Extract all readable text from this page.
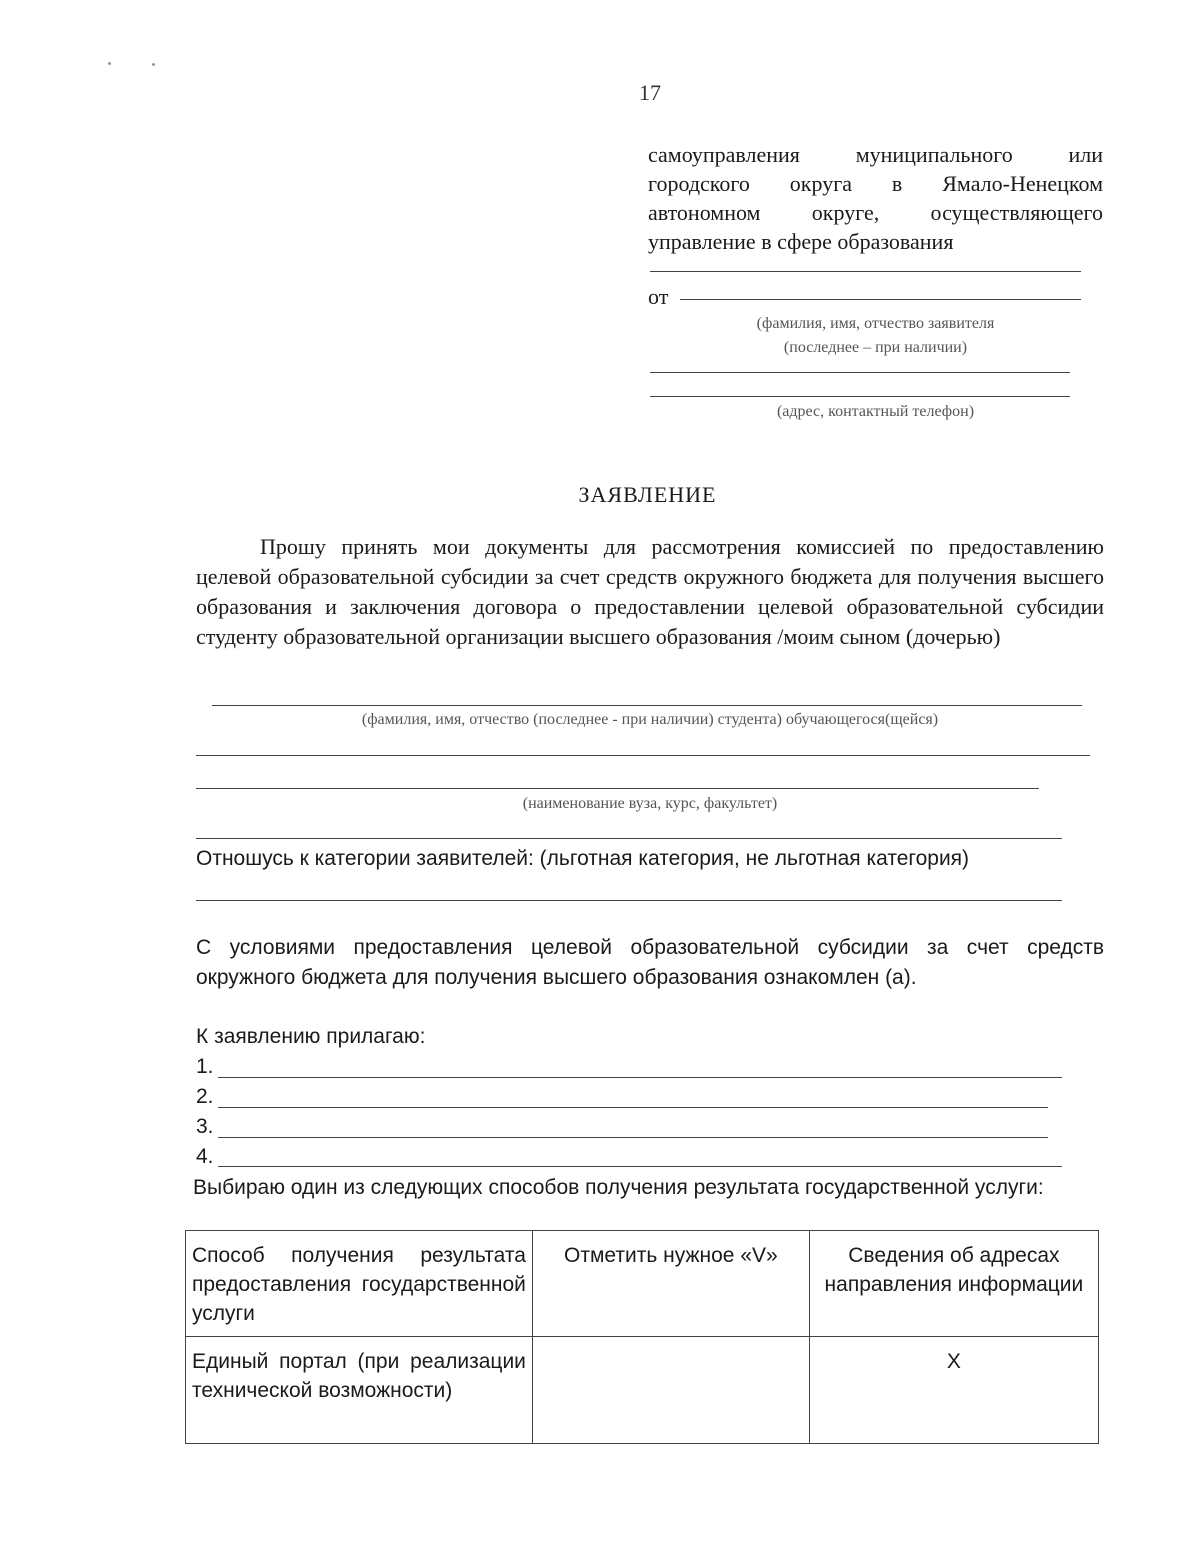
17

самоуправления муниципального или

городского округа в Ямало-Ненецком

автономном округе, осуществляющего

управление в сфере образования

от
(фамилия, имя, отчество заявителя
(последнее – при наличии)
(адрес, контактный телефон)
ЗАЯВЛЕНИЕ
Прошу принять мои документы для рассмотрения комиссией по предоставлению целевой образовательной субсидии за счет средств окружного бюджета для получения высшего образования и заключения договора о предоставлении целевой образовательной субсидии студенту образовательной организации высшего образования /моим сыном (дочерью)
(фамилия, имя, отчество (последнее - при наличии) студента) обучающегося(щейся)
(наименование вуза, курс, факультет)
Отношусь к категории заявителей: (льготная категория, не льготная категория)
С условиями предоставления целевой образовательной субсидии за счет средств окружного бюджета для получения высшего образования ознакомлен (а).
К заявлению прилагаю:
1.
2.
3.
4.
Выбираю один из следующих способов получения результата государственной услуги:
Способ получения результата предоставления государственной услуги	Отметить нужное «V»	Сведения об адресах направления информации
Единый портал (при реализации технической возможности)		X
